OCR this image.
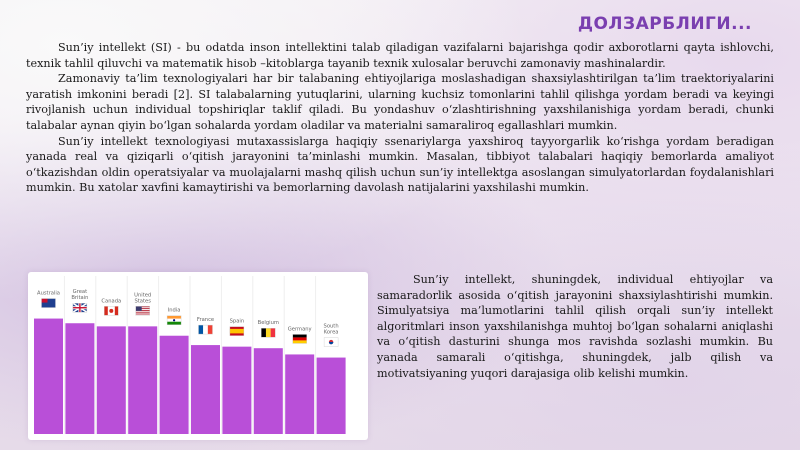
ДОЛЗАРБЛИГИ...

Sun’iy intellekt (SI) - bu odatda inson intellektini talab qiladigan vazifalarni bajarishga qodir axborotlarni qayta ishlovchi, texnik tahlil qiluvchi va matematik hisob –kitoblarga tayanib texnik xulosalar beruvchi zamonaviy mashinalardir.

Zamonaviy ta’lim texnologiyalari har bir talabaning ehtiyojlariga moslashadigan shaxsiylashtirilgan ta’lim traektoriyalarini yaratish imkonini beradi [2]. SI talabalarning yutuqlarini, ularning kuchsiz tomonlarini tahlil qilishga yordam beradi va keyingi rivojlanish uchun individual topshiriqlar taklif qiladi. Bu yondashuv o‘zlashtirishning yaxshilanishiga yordam beradi, chunki talabalar aynan qiyin bo‘lgan sohalarda yordam oladilar va materialni samaraliroq egallashlari mumkin.

Sun’iy intellekt texnologiyasi mutaxassislarga haqiqiy ssenariylarga yaxshiroq tayyorgarlik ko‘rishga yordam beradigan yanada real va qiziqarli o‘qitish jarayonini ta’minlashi mumkin. Masalan, tibbiyot talabalari haqiqiy bemorlarda amaliyot o‘tkazishdan oldin operatsiyalar va muolajalarni mashq qilish uchun sun’iy intellektga asoslangan simulyatorlardan foydalanishlari mumkin. Bu xatolar xavfini kamaytirishi va bemorlarning davolash natijalarini yaxshilashi mumkin.

Australia Great
Britain
Canada
United
States
India
France	Spain	Belgium
Germany South
Korea

Sun’iy intellekt, shuningdek, individual ehtiyojlar va samaradorlik asosida o‘qitish jarayonini shaxsiylashtirishi mumkin. Simulyatsiya ma’lumotlarini tahlil qilish orqali sun’iy intellekt algoritmlari inson yaxshilanishga muhtoj bo‘lgan sohalarni aniqlashi va o‘qitish dasturini shunga mos ravishda sozlashi mumkin. Bu yanada samarali o‘qitishga, shuningdek, jalb qilish va motivatsiyaning yuqori darajasiga olib kelishi mumkin.
